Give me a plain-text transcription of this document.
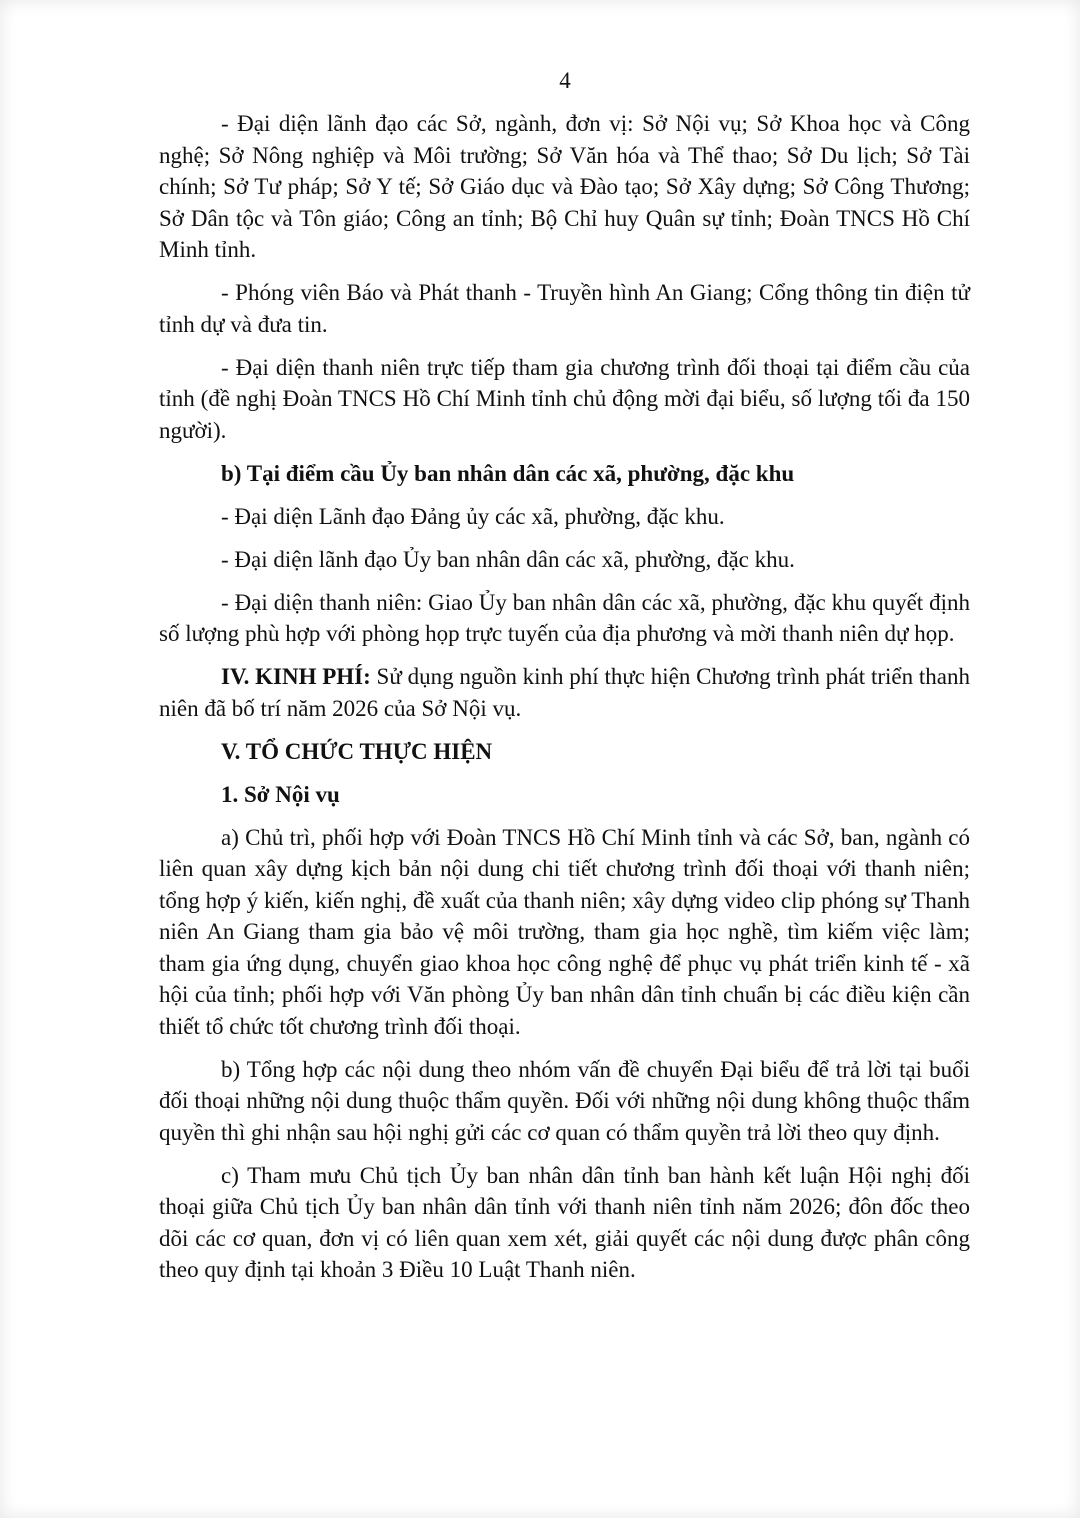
4

- Đại diện lãnh đạo các Sở, ngành, đơn vị: Sở Nội vụ; Sở Khoa học và Công nghệ; Sở Nông nghiệp và Môi trường; Sở Văn hóa và Thể thao; Sở Du lịch; Sở Tài chính; Sở Tư pháp; Sở Y tế; Sở Giáo dục và Đào tạo; Sở Xây dựng; Sở Công Thương; Sở Dân tộc và Tôn giáo; Công an tỉnh; Bộ Chỉ huy Quân sự tỉnh; Đoàn TNCS Hồ Chí Minh tỉnh.

- Phóng viên Báo và Phát thanh - Truyền hình An Giang; Cổng thông tin điện tử tỉnh dự và đưa tin.

- Đại diện thanh niên trực tiếp tham gia chương trình đối thoại tại điểm cầu của tỉnh (đề nghị Đoàn TNCS Hồ Chí Minh tỉnh chủ động mời đại biểu, số lượng tối đa 150 người).

b) Tại điểm cầu Ủy ban nhân dân các xã, phường, đặc khu

- Đại diện Lãnh đạo Đảng ủy các xã, phường, đặc khu.

- Đại diện lãnh đạo Ủy ban nhân dân các xã, phường, đặc khu.

- Đại diện thanh niên: Giao Ủy ban nhân dân các xã, phường, đặc khu quyết định số lượng phù hợp với phòng họp trực tuyến của địa phương và mời thanh niên dự họp.

IV. KINH PHÍ: Sử dụng nguồn kinh phí thực hiện Chương trình phát triển thanh niên đã bố trí năm 2026 của Sở Nội vụ.

V. TỔ CHỨC THỰC HIỆN

1. Sở Nội vụ

a) Chủ trì, phối hợp với Đoàn TNCS Hồ Chí Minh tỉnh và các Sở, ban, ngành có liên quan xây dựng kịch bản nội dung chi tiết chương trình đối thoại với thanh niên; tổng hợp ý kiến, kiến nghị, đề xuất của thanh niên; xây dựng video clip phóng sự Thanh niên An Giang tham gia bảo vệ môi trường, tham gia học nghề, tìm kiếm việc làm; tham gia ứng dụng, chuyển giao khoa học công nghệ để phục vụ phát triển kinh tế - xã hội của tỉnh; phối hợp với Văn phòng Ủy ban nhân dân tỉnh chuẩn bị các điều kiện cần thiết tổ chức tốt chương trình đối thoại.

b) Tổng hợp các nội dung theo nhóm vấn đề chuyển Đại biểu để trả lời tại buổi đối thoại những nội dung thuộc thẩm quyền. Đối với những nội dung không thuộc thẩm quyền thì ghi nhận sau hội nghị gửi các cơ quan có thẩm quyền trả lời theo quy định.

c) Tham mưu Chủ tịch Ủy ban nhân dân tỉnh ban hành kết luận Hội nghị đối thoại giữa Chủ tịch Ủy ban nhân dân tỉnh với thanh niên tỉnh năm 2026; đôn đốc theo dõi các cơ quan, đơn vị có liên quan xem xét, giải quyết các nội dung được phân công theo quy định tại khoản 3 Điều 10 Luật Thanh niên.
